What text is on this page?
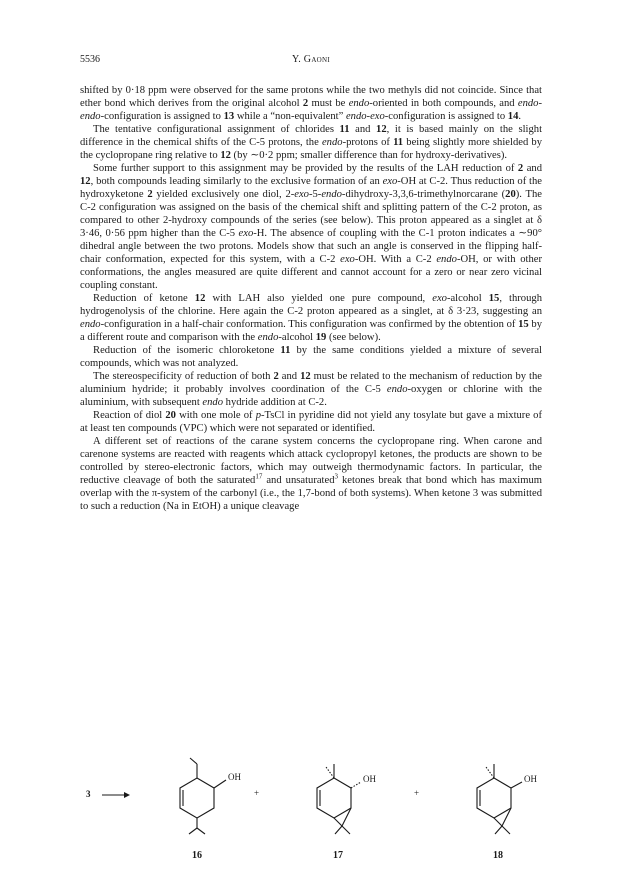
5536	Y. Gaoni

shifted by 0·18 ppm were observed for the same protons while the two methyls did not coincide. Since that ether bond which derives from the original alcohol 2 must be endo-oriented in both compounds, and endo-endo-configuration is assigned to 13 while a “non-equivalent” endo-exo-configuration is assigned to 14.

The tentative configurational assignment of chlorides 11 and 12, it is based mainly on the slight difference in the chemical shifts of the C-5 protons, the endo-protons of 11 being slightly more shielded by the cyclopropane ring relative to 12 (by ∼0·2 ppm; smaller difference than for hydroxy-derivatives).

Some further support to this assignment may be provided by the results of the LAH reduction of 2 and 12, both compounds leading similarly to the exclusive formation of an exo-OH at C-2. Thus reduction of the hydroxyketone 2 yielded exclusively one diol, 2-exo-5-endo-dihydroxy-3,3,6-trimethylnorcarane (20). The C-2 configuration was assigned on the basis of the chemical shift and splitting pattern of the C-2 proton, as compared to other 2-hydroxy compounds of the series (see below). This proton appeared as a singlet at δ 3·46, 0·56 ppm higher than the C-5 exo-H. The absence of coupling with the C-1 proton indicates a ∼90° dihedral angle between the two protons. Models show that such an angle is conserved in the flipping half-chair conformation, expected for this system, with a C-2 exo-OH. With a C-2 endo-OH, or with other conformations, the angles measured are quite different and cannot account for a zero or near zero vicinal coupling constant.

Reduction of ketone 12 with LAH also yielded one pure compound, exo-alcohol 15, through hydrogenolysis of the chlorine. Here again the C-2 proton appeared as a singlet, at δ 3·23, suggesting an endo-configuration in a half-chair conformation. This configuration was confirmed by the obtention of 15 by a different route and comparison with the endo-alcohol 19 (see below).

Reduction of the isomeric chloroketone 11 by the same conditions yielded a mixture of several compounds, which was not analyzed.

The stereospecificity of reduction of both 2 and 12 must be related to the mechanism of reduction by the aluminium hydride; it probably involves coordination of the C-5 endo-oxygen or chlorine with the aluminium, with subsequent endo hydride addition at C-2.

Reaction of diol 20 with one mole of p-TsCl in pyridine did not yield any tosylate but gave a mixture of at least ten compounds (VPC) which were not separated or identified.

A different set of reactions of the carane system concerns the cyclopropane ring. When carone and carenone systems are reacted with reagents which attack cyclopropyl ketones, the products are shown to be controlled by stereo-electronic factors, which may outweigh thermodynamic factors. In particular, the reductive cleavage of both the saturated$^{17}$ and unsaturated$^3$ ketones break that bond which has maximum overlap with the π-system of the carbonyl (i.e., the 1,7-bond of both systems). When ketone 3 was submitted to such a reduction (Na in EtOH) a unique cleavage

3	+	+
OH	OH	OH
16	17	18
